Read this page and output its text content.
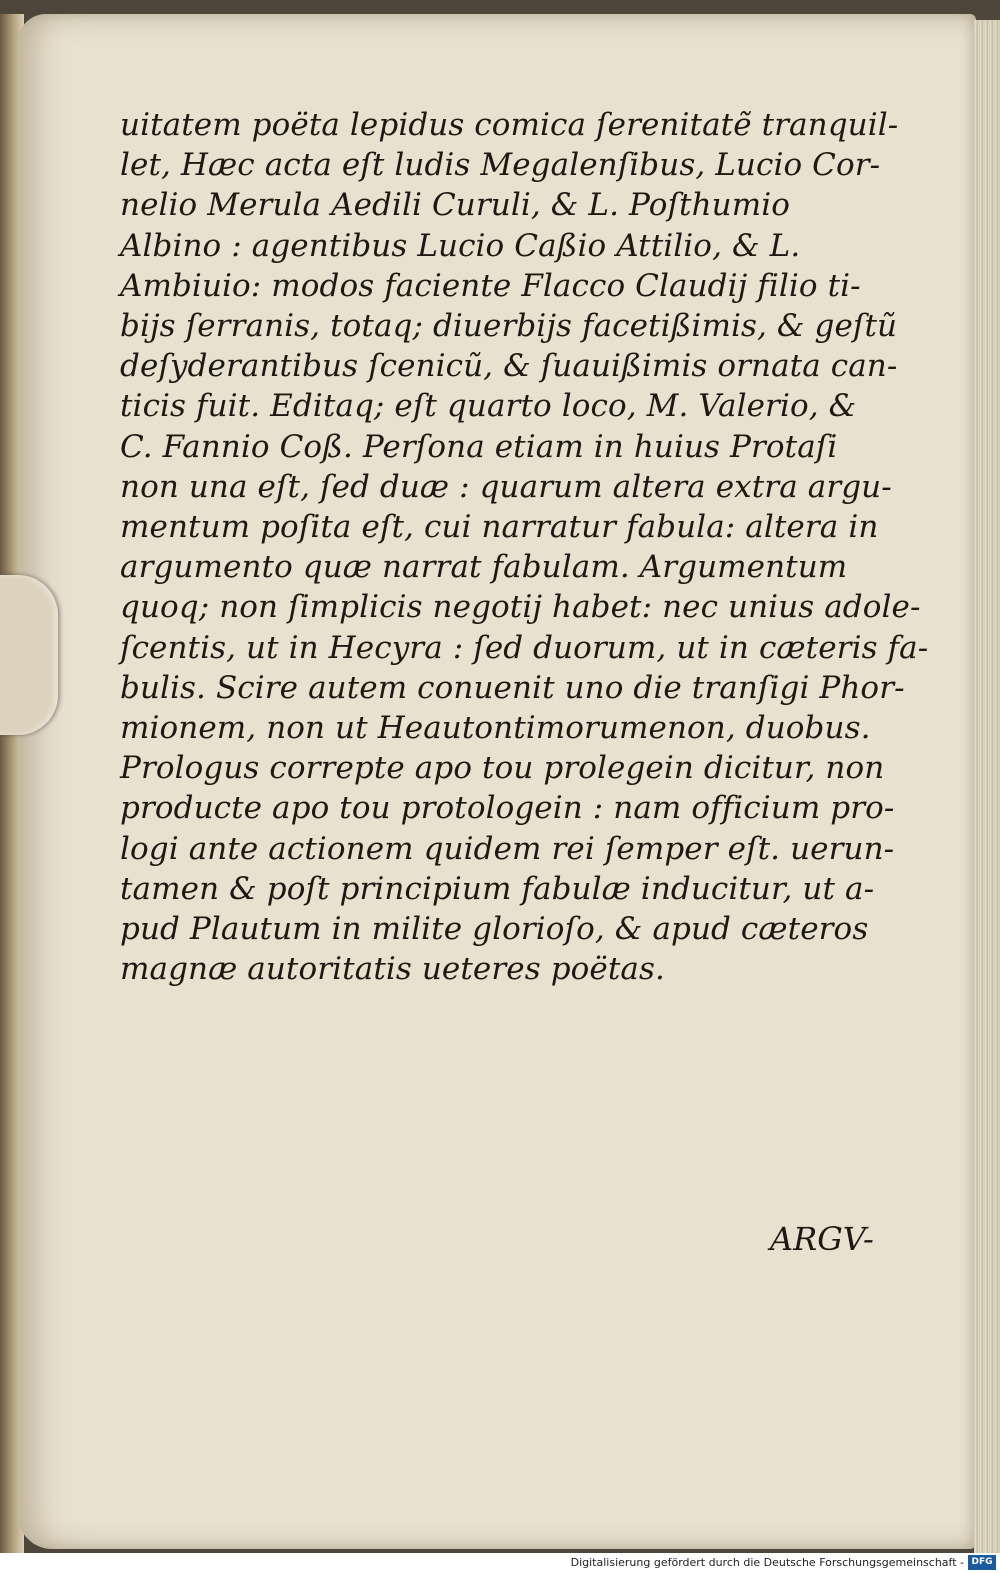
uitatem poëta lepidus comica ſerenitatẽ tranquil-
let, Hæc acta eſt ludis Megalenſibus, Lucio Cor-
nelio Merula Aedili Curuli, & L. Poſthumio
Albino : agentibus Lucio Caßio Attilio, & L.
Ambiuio: modos faciente Flacco Claudij filio ti-
bijs ſerranis, totaq; diuerbijs facetißimis, & geſtũ
deſyderantibus ſcenicũ, & ſuauißimis ornata can-
ticis fuit. Editaq; eſt quarto loco, M. Valerio, &
C. Fannio Coß. Perſona etiam in huius Protaſi
non una eſt, ſed duæ : quarum altera extra argu-
mentum poſita eſt, cui narratur fabula: altera in
argumento quæ narrat fabulam. Argumentum
quoq; non ſimplicis negotij habet: nec unius adole-
ſcentis, ut in Hecyra : ſed duorum, ut in cæteris fa-
bulis. Scire autem conuenit uno die tranſigi Phor-
mionem, non ut Heautontimorumenon, duobus.
Prologus correpte apo tou prolegein dicitur, non
producte apo tou protologein : nam officium pro-
logi ante actionem quidem rei ſemper eſt. uerun-
tamen & poſt principium fabulæ inducitur, ut a-
pud Plautum in milite glorioſo, & apud cæteros
magnæ autoritatis ueteres poëtas.
ARGV-
Digitalisierung gefördert durch die Deutsche Forschungsgemeinschaft - DFG
